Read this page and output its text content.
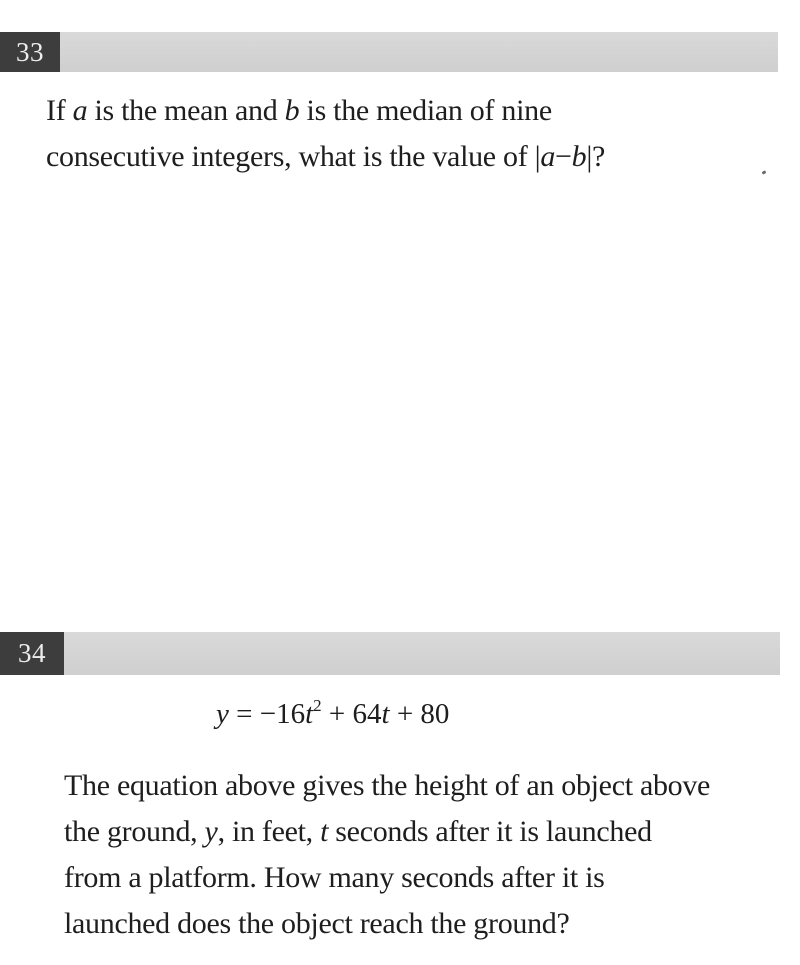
33
If a is the mean and b is the median of nine
consecutive integers, what is the value of |a−b|?
34
$y = -16t^2 + 64t + 80$
The equation above gives the height of an object above
the ground, y, in feet, t seconds after it is launched
from a platform. How many seconds after it is
launched does the object reach the ground?
